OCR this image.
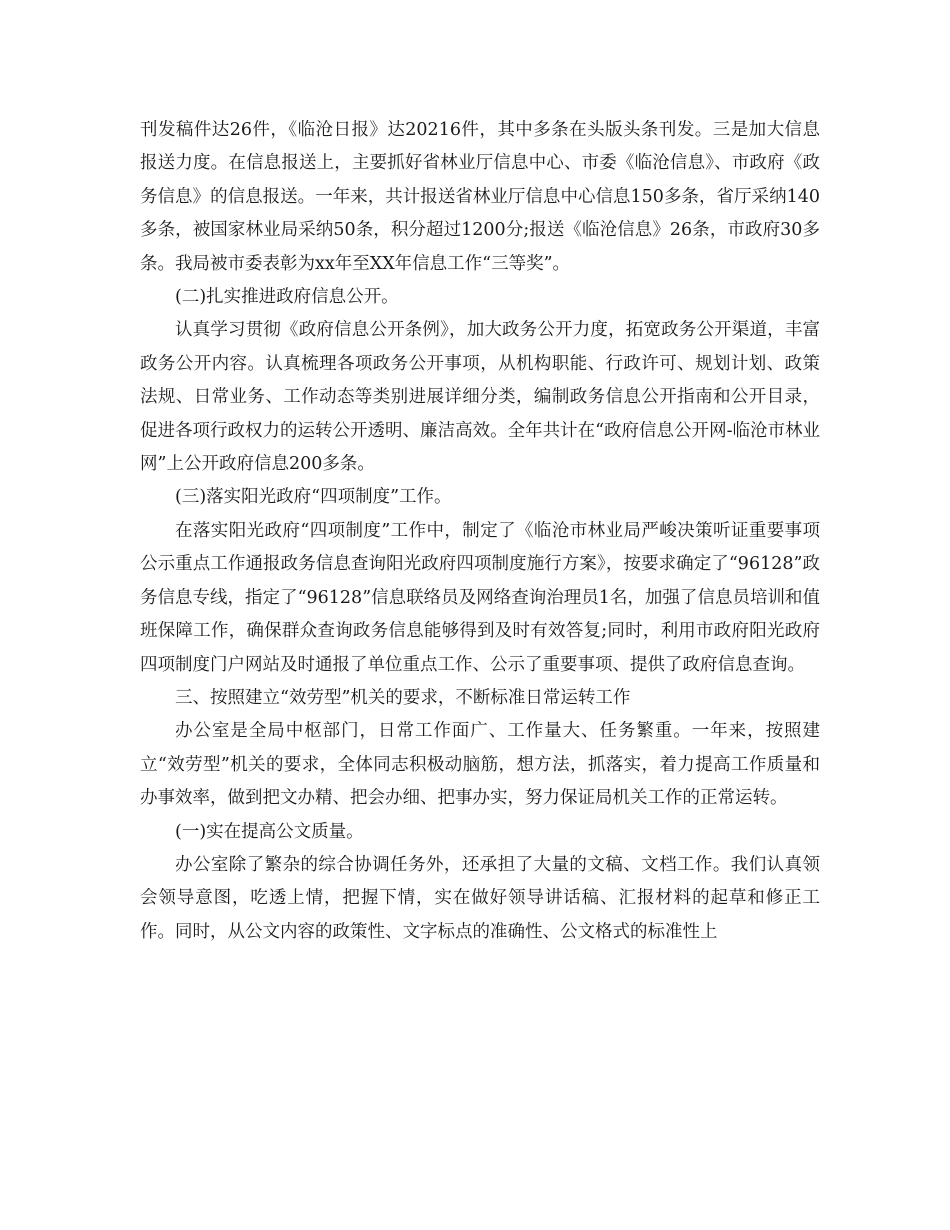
刊发稿件达26件，《临沧日报》达20216件，其中多条在头版头条刊发。三是加大信息报送力度。在信息报送上，主要抓好省林业厅信息中心、市委《临沧信息》、市政府《政务信息》的信息报送。一年来，共计报送省林业厅信息中心信息150多条，省厅采纳140多条，被国家林业局采纳50条，积分超过1200分;报送《临沧信息》26条，市政府30多条。我局被市委表彰为xx年至XX年信息工作“三等奖”。

(二)扎实推进政府信息公开。

认真学习贯彻《政府信息公开条例》，加大政务公开力度，拓宽政务公开渠道，丰富政务公开内容。认真梳理各项政务公开事项，从机构职能、行政许可、规划计划、政策法规、日常业务、工作动态等类别进展详细分类，编制政务信息公开指南和公开目录，促进各项行政权力的运转公开透明、廉洁高效。全年共计在“政府信息公开网-临沧市林业网”上公开政府信息200多条。

(三)落实阳光政府“四项制度”工作。

在落实阳光政府“四项制度”工作中，制定了《临沧市林业局严峻决策听证重要事项公示重点工作通报政务信息查询阳光政府四项制度施行方案》，按要求确定了“96128”政务信息专线，指定了“96128”信息联络员及网络查询治理员1名，加强了信息员培训和值班保障工作，确保群众查询政务信息能够得到及时有效答复;同时，利用市政府阳光政府四项制度门户网站及时通报了单位重点工作、公示了重要事项、提供了政府信息查询。

三、按照建立“效劳型”机关的要求，不断标准日常运转工作

办公室是全局中枢部门，日常工作面广、工作量大、任务繁重。一年来，按照建立“效劳型”机关的要求，全体同志积极动脑筋，想方法，抓落实，着力提高工作质量和办事效率，做到把文办精、把会办细、把事办实，努力保证局机关工作的正常运转。

(一)实在提高公文质量。

办公室除了繁杂的综合协调任务外，还承担了大量的文稿、文档工作。我们认真领会领导意图，吃透上情，把握下情，实在做好领导讲话稿、汇报材料的起草和修正工作。同时，从公文内容的政策性、文字标点的准确性、公文格式的标准性上
